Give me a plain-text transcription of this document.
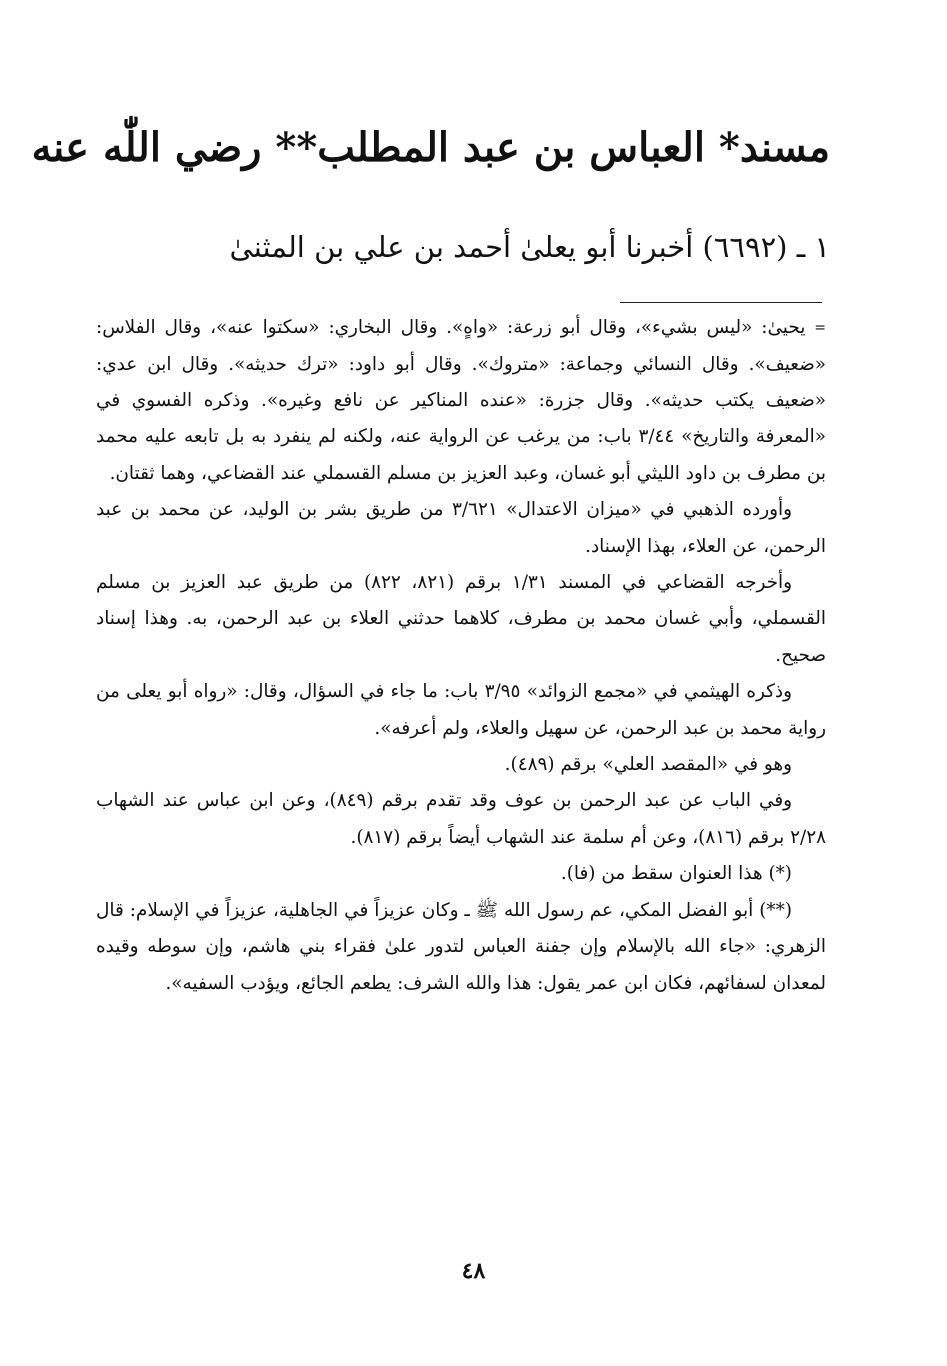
مسند* العباس بن عبد المطلب** رضي اللّٰه عنه
١ ـ (٦٦٩٢) أخبرنا أبو يعلىٰ أحمد بن علي بن المثنىٰ

= يحيىٰ: «ليس بشيء»، وقال أبو زرعة: «واهٍ». وقال البخاري: «سكتوا عنه»، وقال الفلاس: «ضعيف». وقال النسائي وجماعة: «متروك». وقال أبو داود: «ترك حديثه». وقال ابن عدي: «ضعيف يكتب حديثه». وقال جزرة: «عنده المناكير عن نافع وغيره». وذكره الفسوي في «المعرفة والتاريخ» ٣/٤٤ باب: من يرغب عن الرواية عنه، ولكنه لم ينفرد به بل تابعه عليه محمد بن مطرف بن داود الليثي أبو غسان، وعبد العزيز بن مسلم القسملي عند القضاعي، وهما ثقتان.

وأورده الذهبي في «ميزان الاعتدال» ٣/٦٢١ من طريق بشر بن الوليد، عن محمد بن عبد الرحمن، عن العلاء، بهذا الإسناد.

وأخرجه القضاعي في المسند ١/٣١ برقم (٨٢١، ٨٢٢) من طريق عبد العزيز بن مسلم القسملي، وأبي غسان محمد بن مطرف، كلاهما حدثني العلاء بن عبد الرحمن، به. وهذا إسناد صحيح.

وذكره الهيثمي في «مجمع الزوائد» ٣/٩٥ باب: ما جاء في السؤال، وقال: «رواه أبو يعلى من رواية محمد بن عبد الرحمن، عن سهيل والعلاء، ولم أعرفه».

وهو في «المقصد العلي» برقم (٤٨٩).

وفي الباب عن عبد الرحمن بن عوف وقد تقدم برقم (٨٤٩)، وعن ابن عباس عند الشهاب ٢/٢٨ برقم (٨١٦)، وعن أم سلمة عند الشهاب أيضاً برقم (٨١٧).

(*) هذا العنوان سقط من (فا).

(**) أبو الفضل المكي، عم رسول الله ﷺ ـ وكان عزيزاً في الجاهلية، عزيزاً في الإسلام: قال الزهري: «جاء الله بالإسلام وإن جفنة العباس لتدور علىٰ فقراء بني هاشم، وإن سوطه وقيده لمعدان لسفائهم، فكان ابن عمر يقول: هذا والله الشرف: يطعم الجائع، ويؤدب السفيه».

٤٨
